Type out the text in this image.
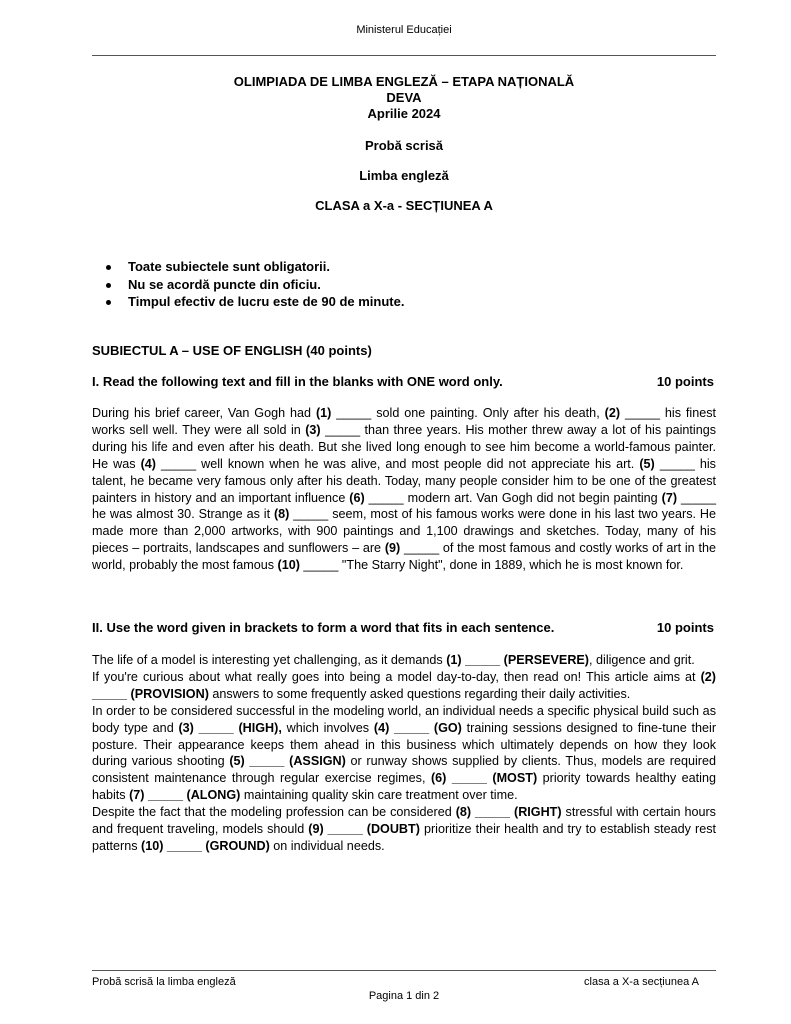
Ministerul Educației
OLIMPIADA DE LIMBA ENGLEZĂ – ETAPA NAȚIONALĂ
DEVA
Aprilie 2024
Probă scrisă
Limba engleză
CLASA a X-a - SECȚIUNEA A
Toate subiectele sunt obligatorii.
Nu se acordă puncte din oficiu.
Timpul efectiv de lucru este de 90 de minute.
SUBIECTUL A – USE OF ENGLISH (40 points)
I. Read the following text and fill in the blanks with ONE word only.	10 points
During his brief career, Van Gogh had (1) _____ sold one painting. Only after his death, (2) _____ his finest works sell well. They were all sold in (3) _____ than three years. His mother threw away a lot of his paintings during his life and even after his death. But she lived long enough to see him become a world-famous painter. He was (4) _____ well known when he was alive, and most people did not appreciate his art. (5) _____ his talent, he became very famous only after his death. Today, many people consider him to be one of the greatest painters in history and an important influence (6) _____ modern art. Van Gogh did not begin painting (7) _____ he was almost 30. Strange as it (8) _____ seem, most of his famous works were done in his last two years. He made more than 2,000 artworks, with 900 paintings and 1,100 drawings and sketches. Today, many of his pieces – portraits, landscapes and sunflowers – are (9) _____ of the most famous and costly works of art in the world, probably the most famous (10) _____ "The Starry Night", done in 1889, which he is most known for.
II. Use the word given in brackets to form a word that fits in each sentence.	10 points
The life of a model is interesting yet challenging, as it demands (1) _____ (PERSEVERE), diligence and grit.
If you're curious about what really goes into being a model day-to-day, then read on! This article aims at (2) _____ (PROVISION) answers to some frequently asked questions regarding their daily activities.
In order to be considered successful in the modeling world, an individual needs a specific physical build such as body type and (3) _____ (HIGH), which involves (4) _____ (GO) training sessions designed to fine-tune their posture. Their appearance keeps them ahead in this business which ultimately depends on how they look during various shooting (5) _____ (ASSIGN) or runway shows supplied by clients. Thus, models are required consistent maintenance through regular exercise regimes, (6) _____ (MOST) priority towards healthy eating habits (7) _____ (ALONG) maintaining quality skin care treatment over time.
Despite the fact that the modeling profession can be considered (8) _____ (RIGHT) stressful with certain hours and frequent traveling, models should (9) _____ (DOUBT) prioritize their health and try to establish steady rest patterns (10) _____ (GROUND) on individual needs.
Probă scrisă la limba engleză	clasa a X-a secțiunea A
Pagina 1 din 2
